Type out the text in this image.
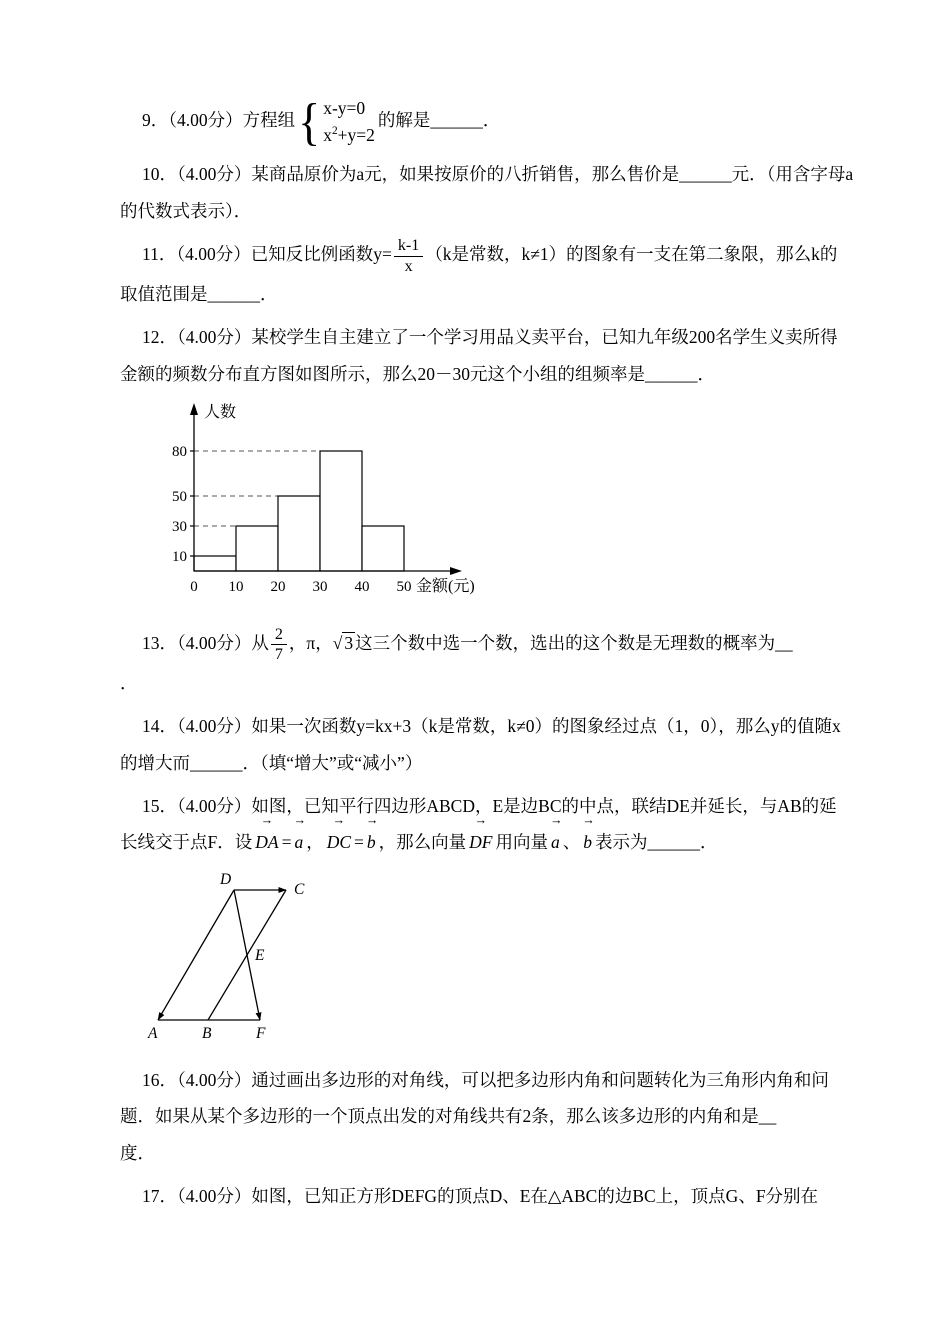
9．（4.00分）方程组 { x-y=0
$x^2+y=2$
的解是______．

10．（4.00分）某商品原价为a元，如果按原价的八折销售，那么售价是______元．（用含字母a的代数式表示）．

11．（4.00分）已知反比例函数$y= \frac{k-1}{x} (k$是常数，k≠1）的图象有一支在第二象限，那么k的取值范围是______．

12．（4.00分）某校学生自主建立了一个学习用品义卖平台，已知九年级200名学生义卖所得金额的频数分布直方图如图所示，那么20－30元这个小组的组频率是______．

10
30
50
80
0 10 20 30 40 50
人数
金额(元)

13．（4.00分）从 $\frac{2}{7}$ ，π，√ 3 这三个数中选一个数，选出的这个数是无理数的概率为__
．

14．（4.00分）如果一次函数y=kx+3（k是常数，k≠0）的图象经过点（1，0），那么y的值随x的增大而______．（填“增大”或“减小”）

15．（4.00分）如图，已知平行四边形ABCD，E是边BC的中点，联结DE并延长，与AB的延长线交于点F．设
→
DA =
→
a ，
→
DC =
→
b ，那么向量
→
DF 用向量
→
a 、
→
b 表示为______．

D
C
E
A	B	F

16．（4.00分）通过画出多边形的对角线，可以把多边形内角和问题转化为三角形内角和问题．如果从某个多边形的一个顶点出发的对角线共有2条，那么该多边形的内角和是__
度．

17．（4.00分）如图，已知正方形DEFG的顶点D、E在△ABC的边BC上，顶点G、F分别在
